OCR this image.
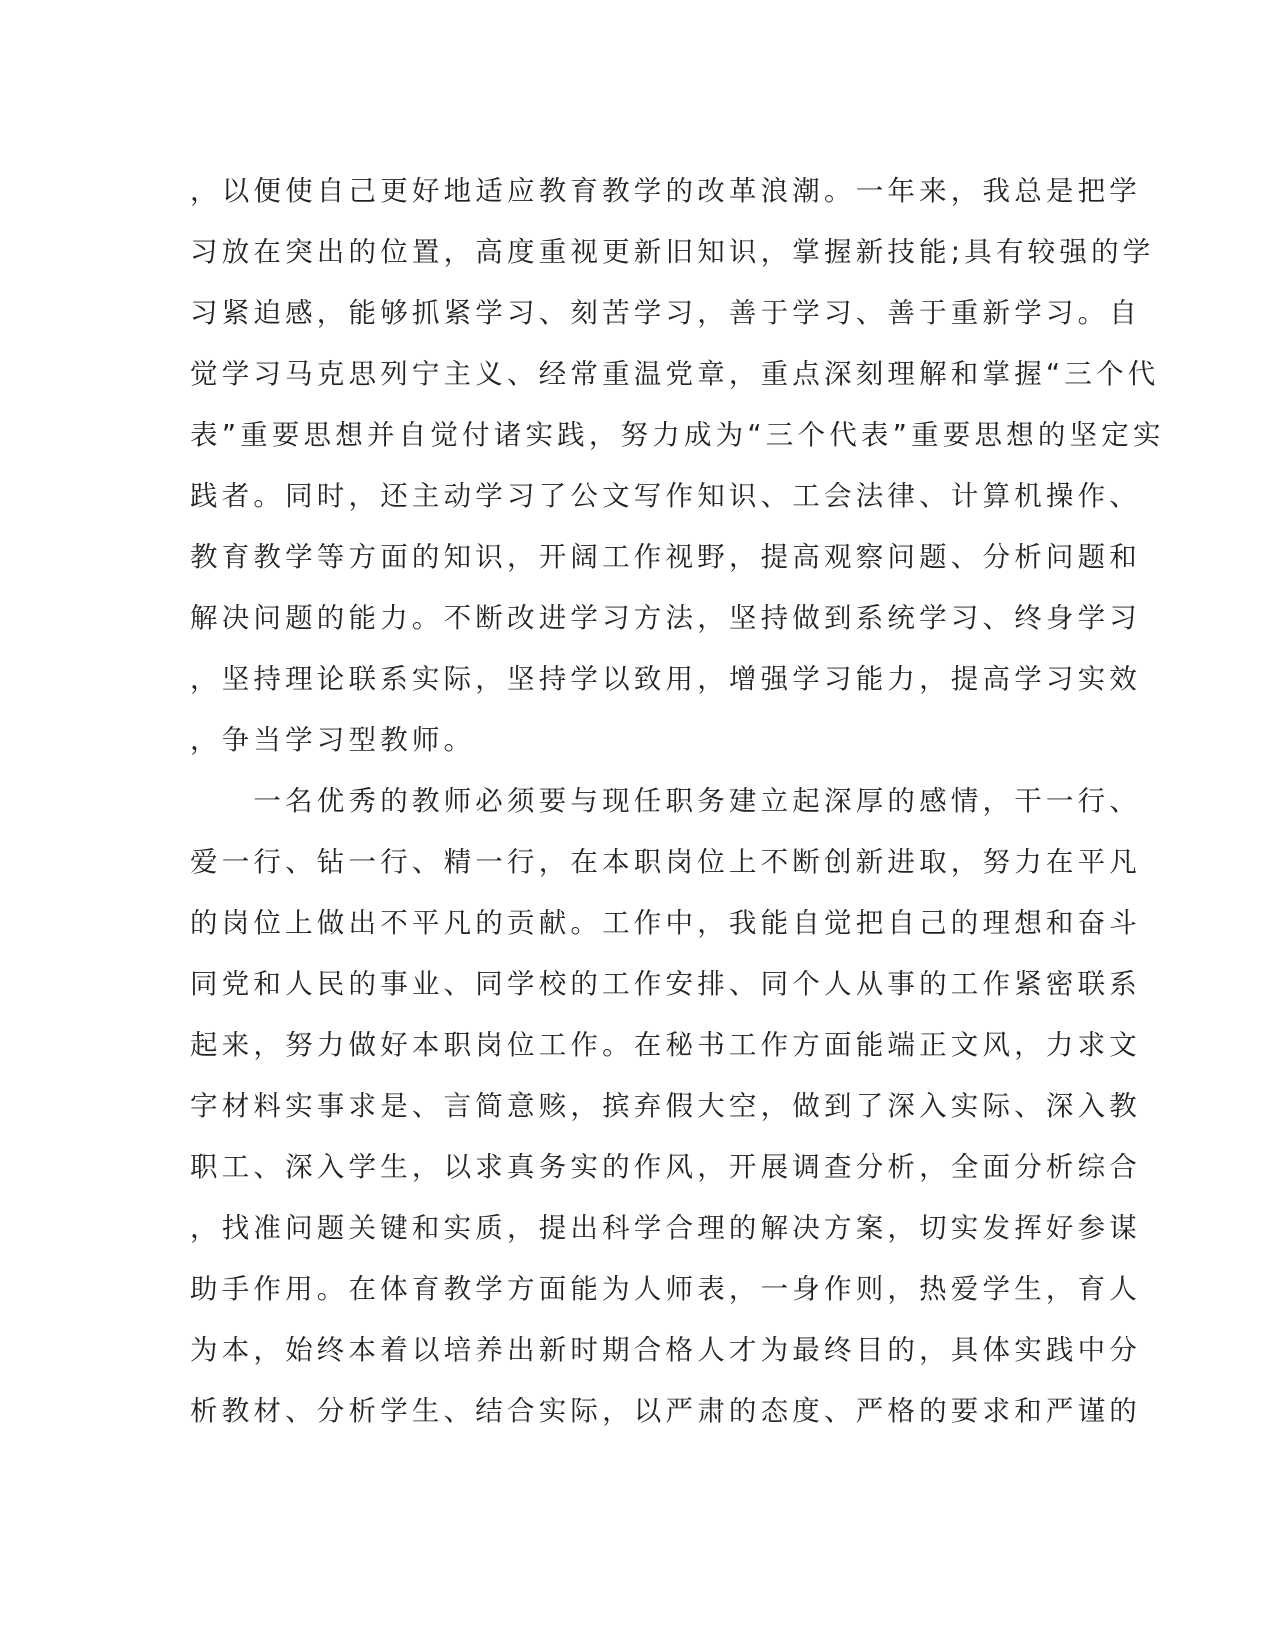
，以便使自己更好地适应教育教学的改革浪潮。一年来，我总是把学
习放在突出的位置，高度重视更新旧知识，掌握新技能;具有较强的学
习紧迫感，能够抓紧学习、刻苦学习，善于学习、善于重新学习。自
觉学习马克思列宁主义、经常重温党章，重点深刻理解和掌握“三个代
表”重要思想并自觉付诸实践，努力成为“三个代表”重要思想的坚定实
践者。同时，还主动学习了公文写作知识、工会法律、计算机操作、
教育教学等方面的知识，开阔工作视野，提高观察问题、分析问题和
解决问题的能力。不断改进学习方法，坚持做到系统学习、终身学习
，坚持理论联系实际，坚持学以致用，增强学习能力，提高学习实效
，争当学习型教师。
　　一名优秀的教师必须要与现任职务建立起深厚的感情，干一行、
爱一行、钻一行、精一行，在本职岗位上不断创新进取，努力在平凡
的岗位上做出不平凡的贡献。工作中，我能自觉把自己的理想和奋斗
同党和人民的事业、同学校的工作安排、同个人从事的工作紧密联系
起来，努力做好本职岗位工作。在秘书工作方面能端正文风，力求文
字材料实事求是、言简意赅，摈弃假大空，做到了深入实际、深入教
职工、深入学生，以求真务实的作风，开展调查分析，全面分析综合
，找准问题关键和实质，提出科学合理的解决方案，切实发挥好参谋
助手作用。在体育教学方面能为人师表，一身作则，热爱学生，育人
为本，始终本着以培养出新时期合格人才为最终目的，具体实践中分
析教材、分析学生、结合实际，以严肃的态度、严格的要求和严谨的
